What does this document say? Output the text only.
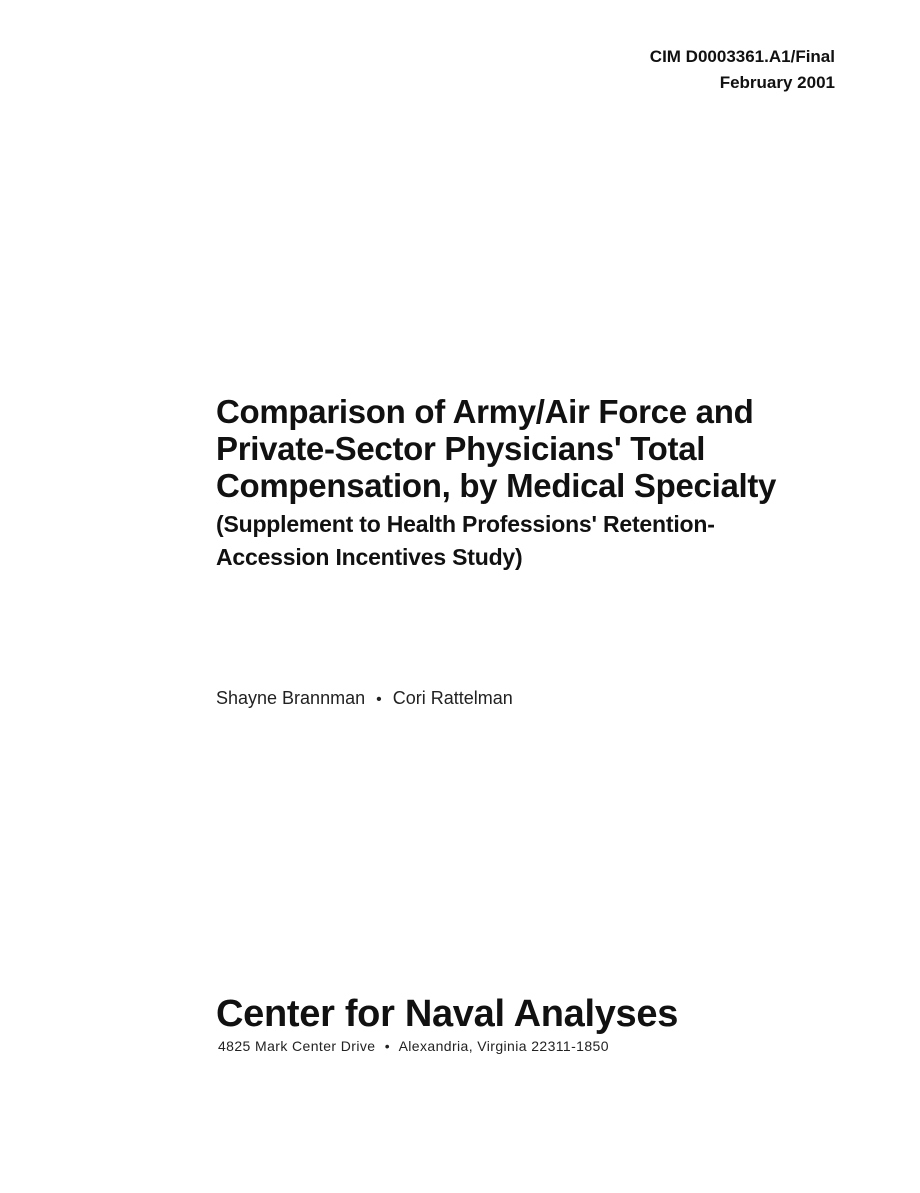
CIM D0003361.A1/Final
February 2001
Comparison of Army/Air Force and
Private-Sector Physicians' Total
Compensation, by Medical Specialty

(Supplement to Health Professions' Retention-
Accession Incentives Study)

Shayne Brannman • Cori Rattelman

Center for Naval Analyses

4825 Mark Center Drive • Alexandria, Virginia 22311-1850
